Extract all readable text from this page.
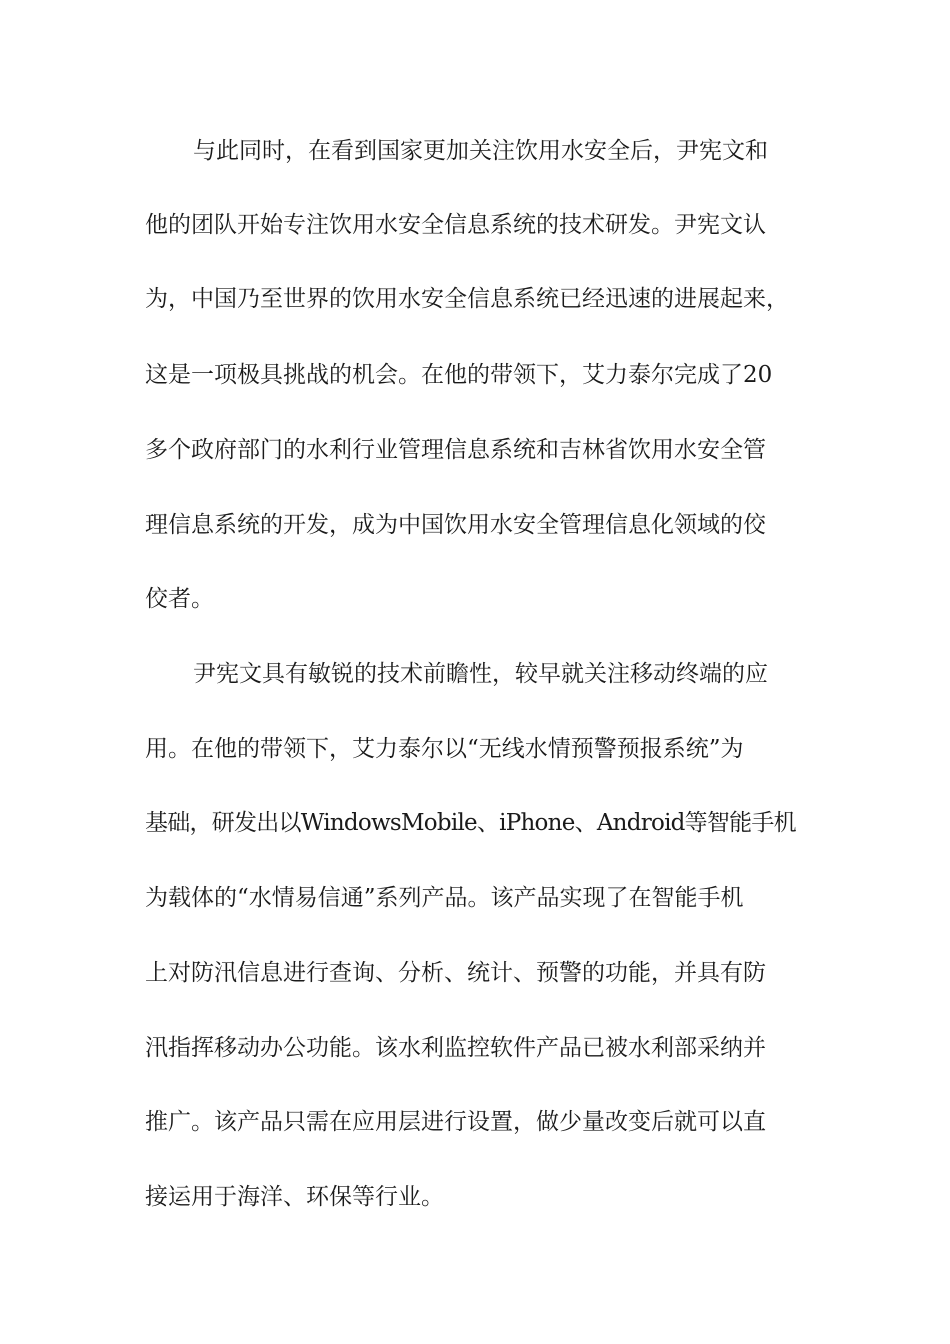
与此同时，在看到国家更加关注饮用水安全后，尹宪文和
他的团队开始专注饮用水安全信息系统的技术研发。尹宪文认
为，中国乃至世界的饮用水安全信息系统已经迅速的进展起来，
这是一项极具挑战的机会。在他的带领下，艾力泰尔完成了20
多个政府部门的水利行业管理信息系统和吉林省饮用水安全管
理信息系统的开发，成为中国饮用水安全管理信息化领域的佼
佼者。
尹宪文具有敏锐的技术前瞻性，较早就关注移动终端的应
用。在他的带领下，艾力泰尔以“无线水情预警预报系统”为
基础，研发出以WindowsMobile、iPhone、Android等智能手机
为载体的“水情易信通”系列产品。该产品实现了在智能手机
上对防汛信息进行查询、分析、统计、预警的功能，并具有防
汛指挥移动办公功能。该水利监控软件产品已被水利部采纳并
推广。该产品只需在应用层进行设置，做少量改变后就可以直
接运用于海洋、环保等行业。
